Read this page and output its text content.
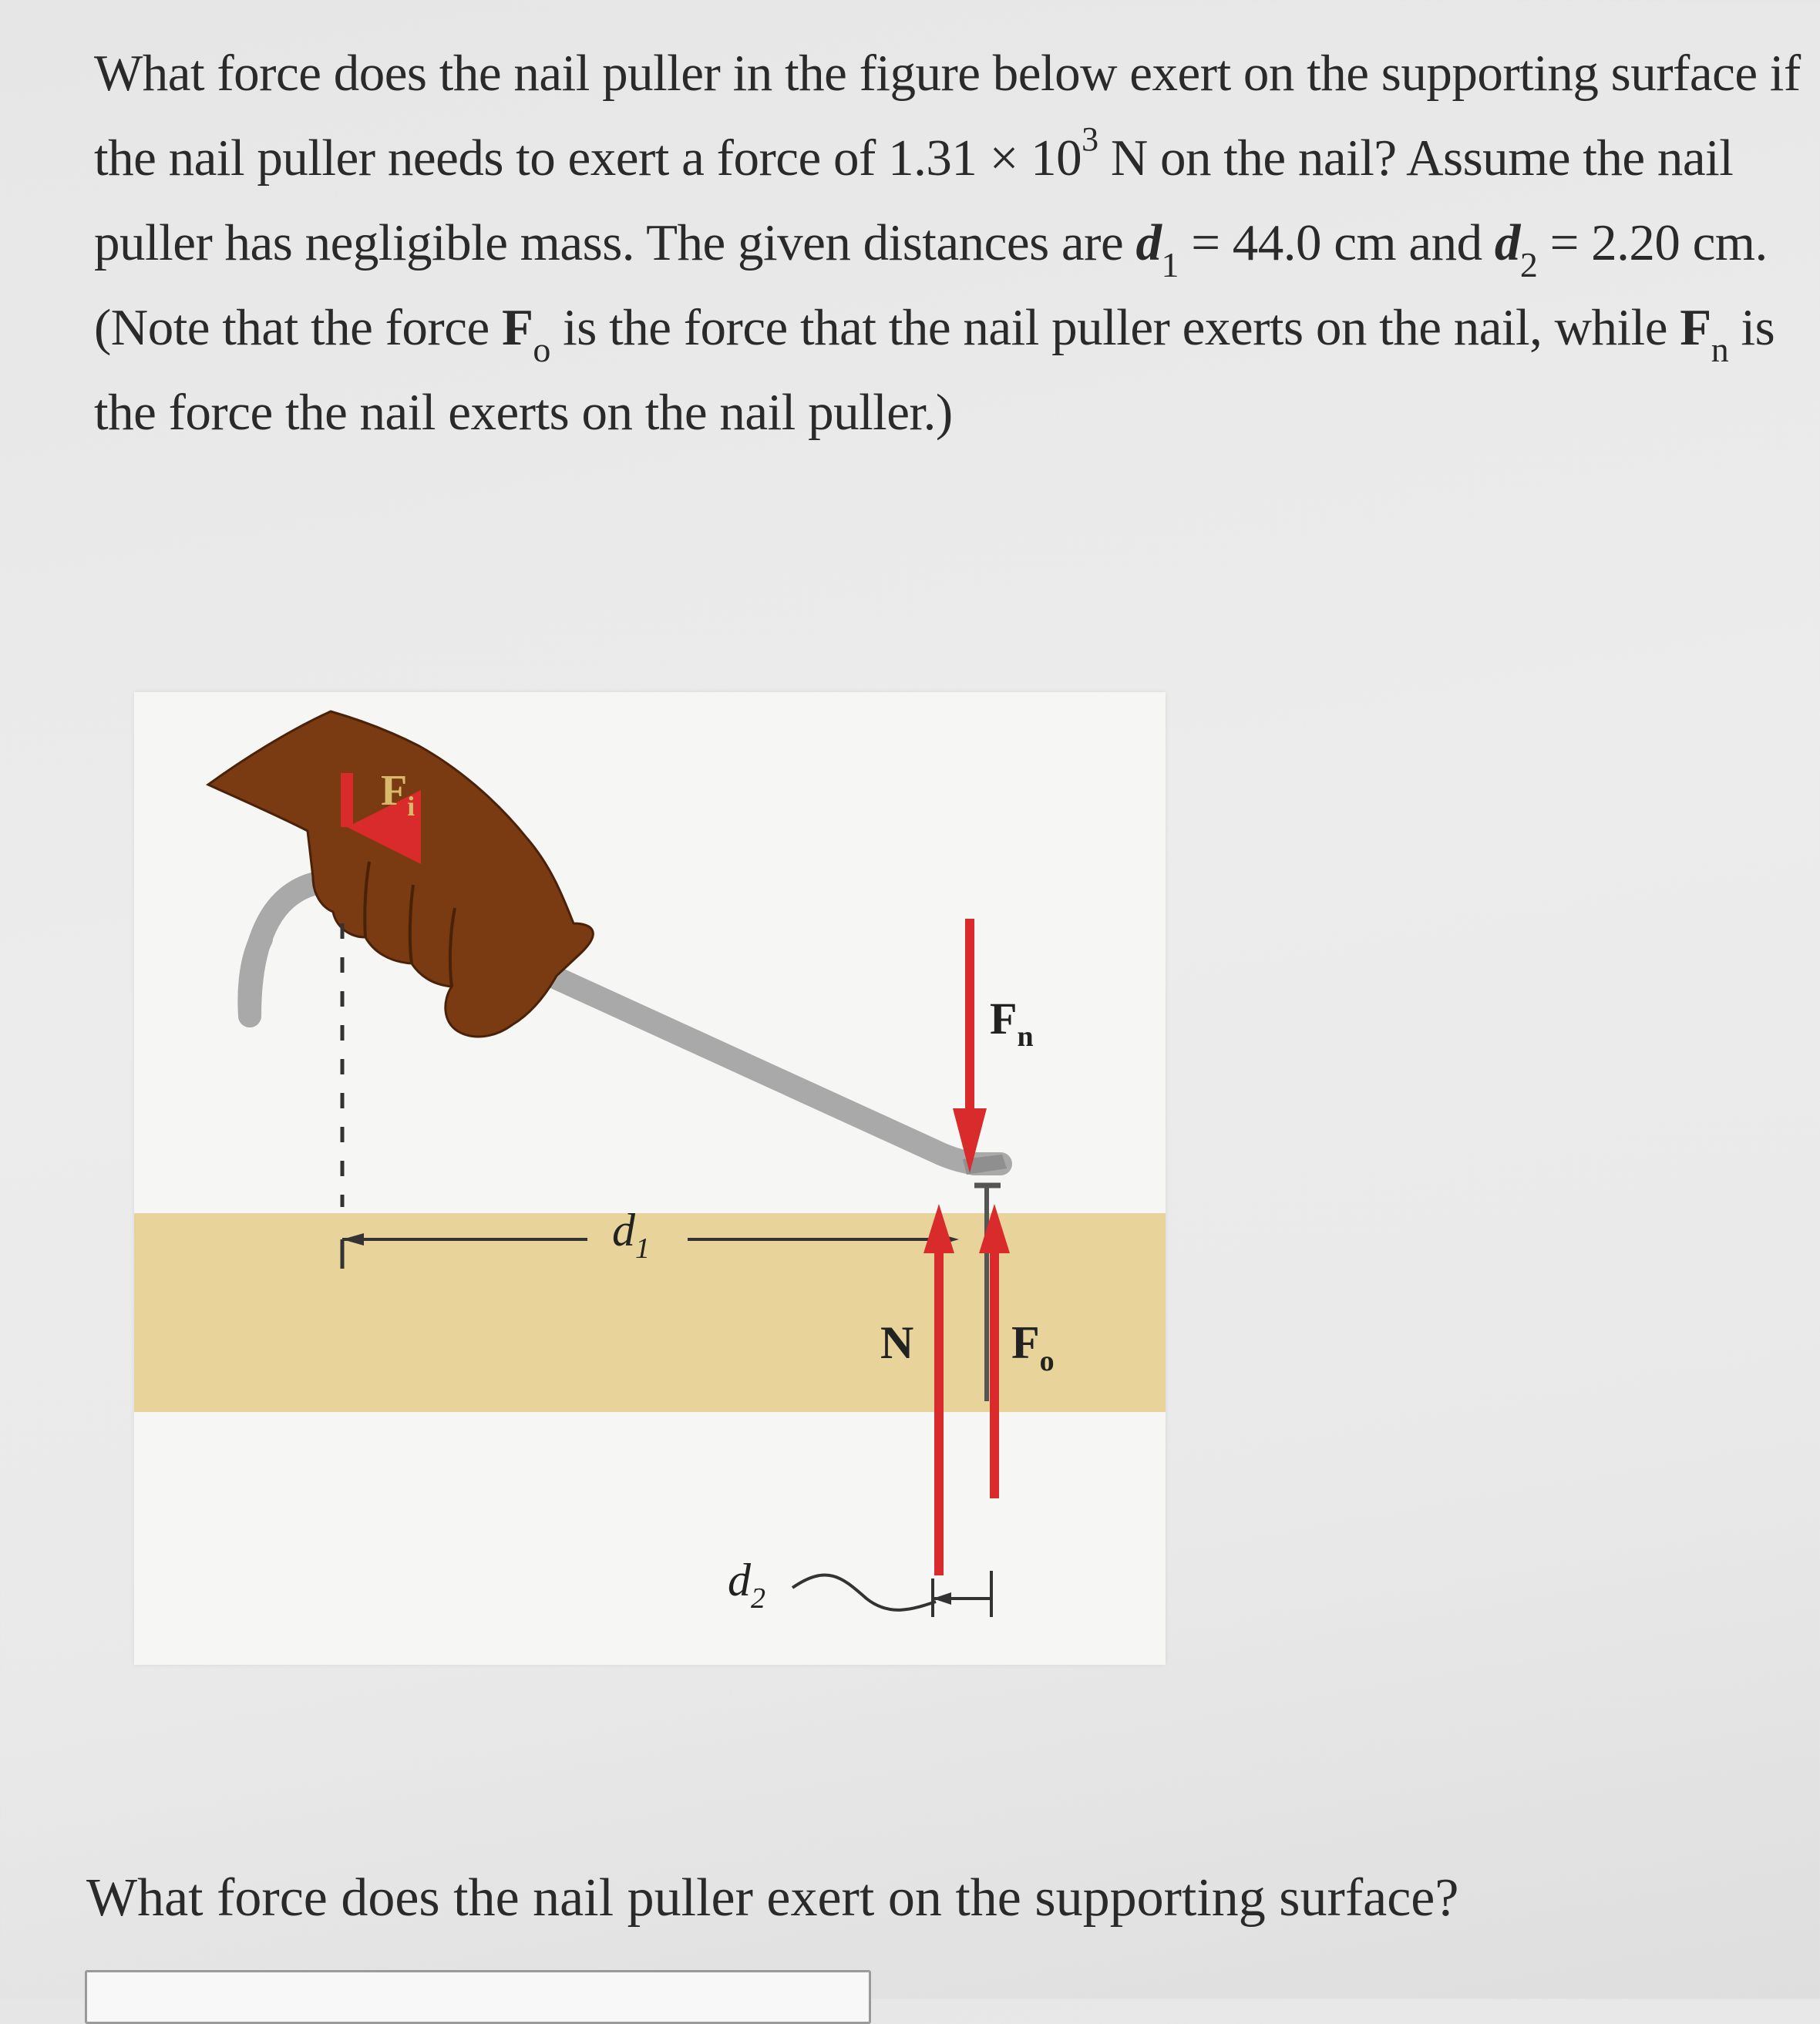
What force does the nail puller in the figure below exert on the supporting surface if the nail puller needs to exert a force of $1.31 \times 10^3$ N on the nail? Assume the nail puller has negligible mass. The given distances are $d_1 = 44.0$ cm and $d_2 = 2.20$ cm. (Note that the force $F_o$ is the force that the nail puller exerts on the nail, while $F_n$ is the force the nail exerts on the nail puller.)

$F_i$
$F_n$
N $F_o$
$d_1$
$d_2$
What force does the nail puller exert on the supporting surface?
